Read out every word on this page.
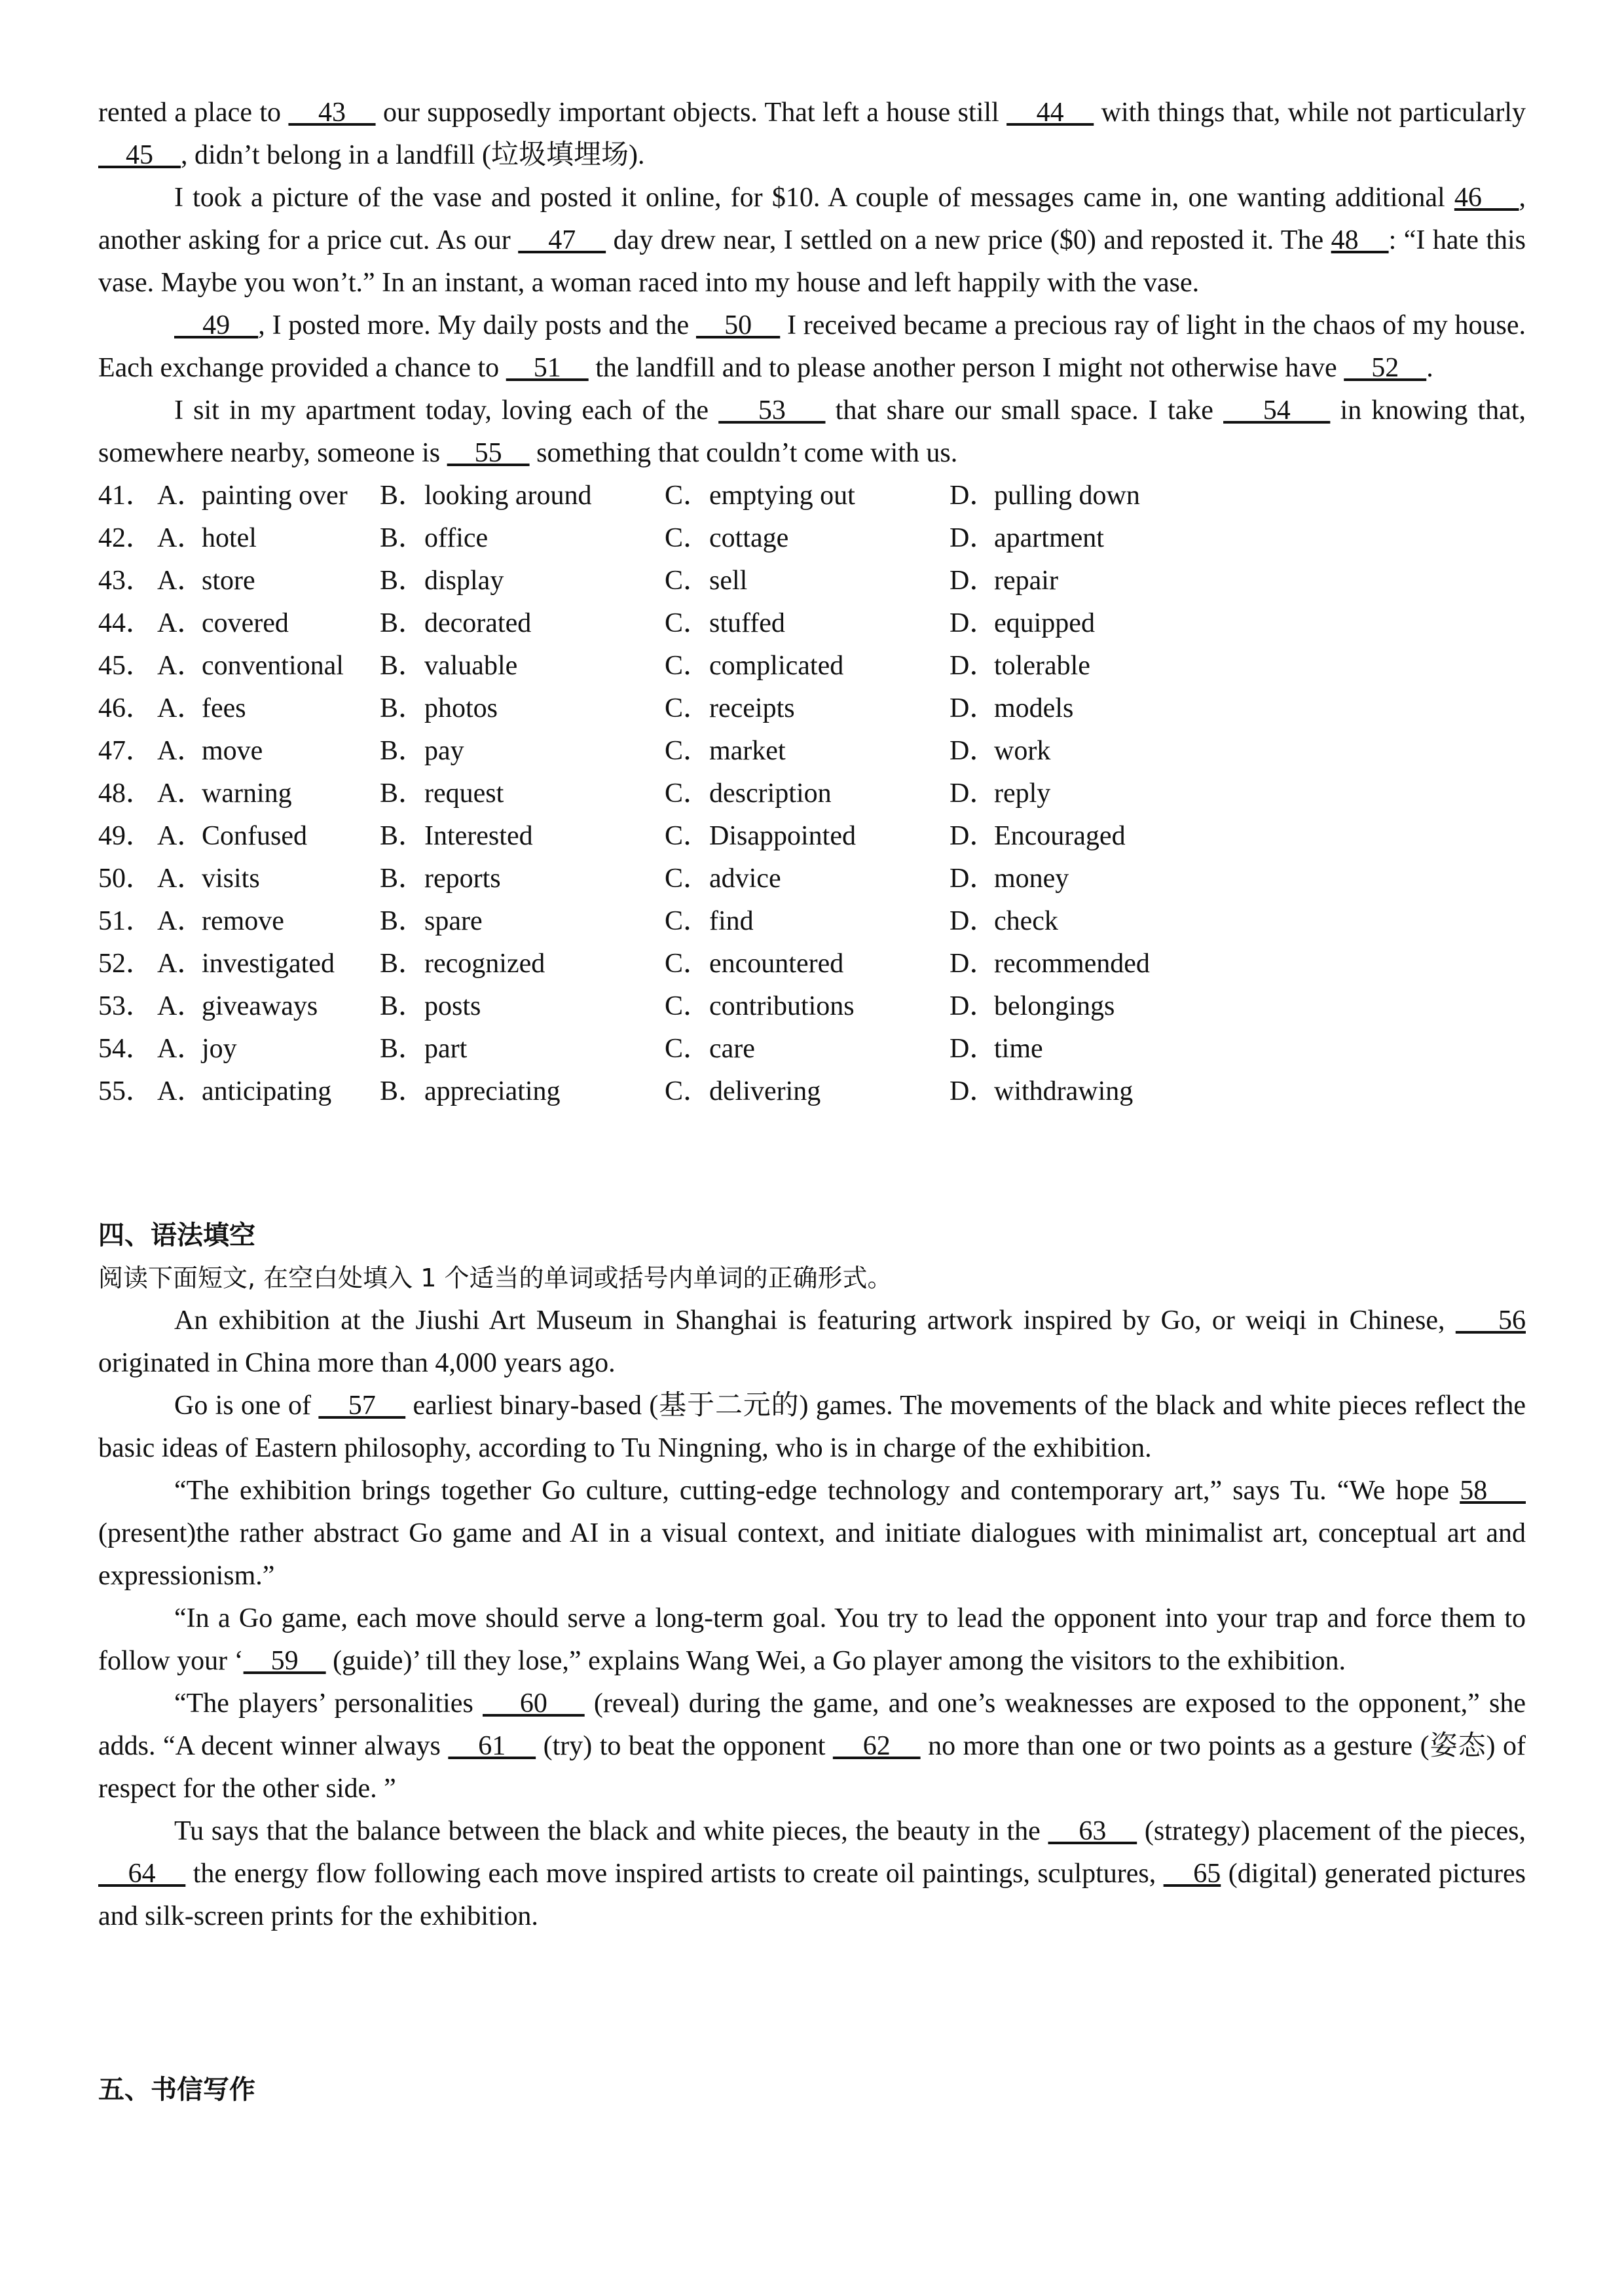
rented a place to     43     our supposedly important objects. That left a house still     44     with things that, while not particularly     45    , didn’t belong in a landfill (垃圾填埋场).

I took a picture of the vase and posted it online, for $10. A couple of messages came in, one wanting additional 46    , another asking for a price cut. As our     47     day drew near, I settled on a new price ($0) and reposted it. The 48    : “I hate this vase. Maybe you won’t.” In an instant, a woman raced into my house and left happily with the vase.

49    , I posted more. My daily posts and the     50     I received became a precious ray of light in the chaos of my house. Each exchange provided a chance to     51     the landfill and to please another person I might not otherwise have     52    .

I sit in my apartment today, loving each of the     53     that share our small space. I take     54     in knowing that, somewhere nearby, someone is     55     something that couldn’t come with us.

41． A．painting over	B．looking around	C．emptying out	D．pulling down
42． A．hotel	B．office	C．cottage	D．apartment
43． A．store	B．display	C．sell	D．repair
44． A．covered	B．decorated	C．stuffed	D．equipped
45． A．conventional	B．valuable	C．complicated	D．tolerable
46． A．fees	B．photos	C．receipts	D．models
47． A．move	B．pay	C．market	D．work
48． A．warning	B．request	C．description	D．reply
49． A．Confused	B．Interested	C．Disappointed	D．Encouraged
50． A．visits	B．reports	C．advice	D．money
51． A．remove	B．spare	C．find	D．check
52． A．investigated	B．recognized	C．encountered	D．recommended
53． A．giveaways	B．posts	C．contributions	D．belongings
54． A．joy	B．part	C．care	D．time
55． A．anticipating	B．appreciating	C．delivering	D．withdrawing

四、语法填空

阅读下面短文, 在空白处填入 1 个适当的单词或括号内单词的正确形式。

An exhibition at the Jiushi Art Museum in Shanghai is featuring artwork inspired by Go, or weiqi in Chinese,     56 originated in China more than 4,000 years ago.

Go is one of     57     earliest binary-based (基于二元的) games. The movements of the black and white pieces reflect the basic ideas of Eastern philosophy, according to Tu Ningning, who is in charge of the exhibition.

“The exhibition brings together Go culture, cutting-edge technology and contemporary art,” says Tu. “We hope 58     (present)the rather abstract Go game and AI in a visual context, and initiate dialogues with minimalist art, conceptual art and expressionism.”

“In a Go game, each move should serve a long-term goal. You try to lead the opponent into your trap and force them to follow your ‘    59     (guide)’ till they lose,” explains Wang Wei, a Go player among the visitors to the exhibition.

“The players’ personalities     60     (reveal) during the game, and one’s weaknesses are exposed to the opponent,” she adds. “A decent winner always     61     (try) to beat the opponent     62     no more than one or two points as a gesture (姿态) of respect for the other side. ”

Tu says that the balance between the black and white pieces, the beauty in the     63     (strategy) placement of the pieces,     64     the energy flow following each move inspired artists to create oil paintings, sculptures,     65 (digital) generated pictures and silk-screen prints for the exhibition.

五、书信写作
